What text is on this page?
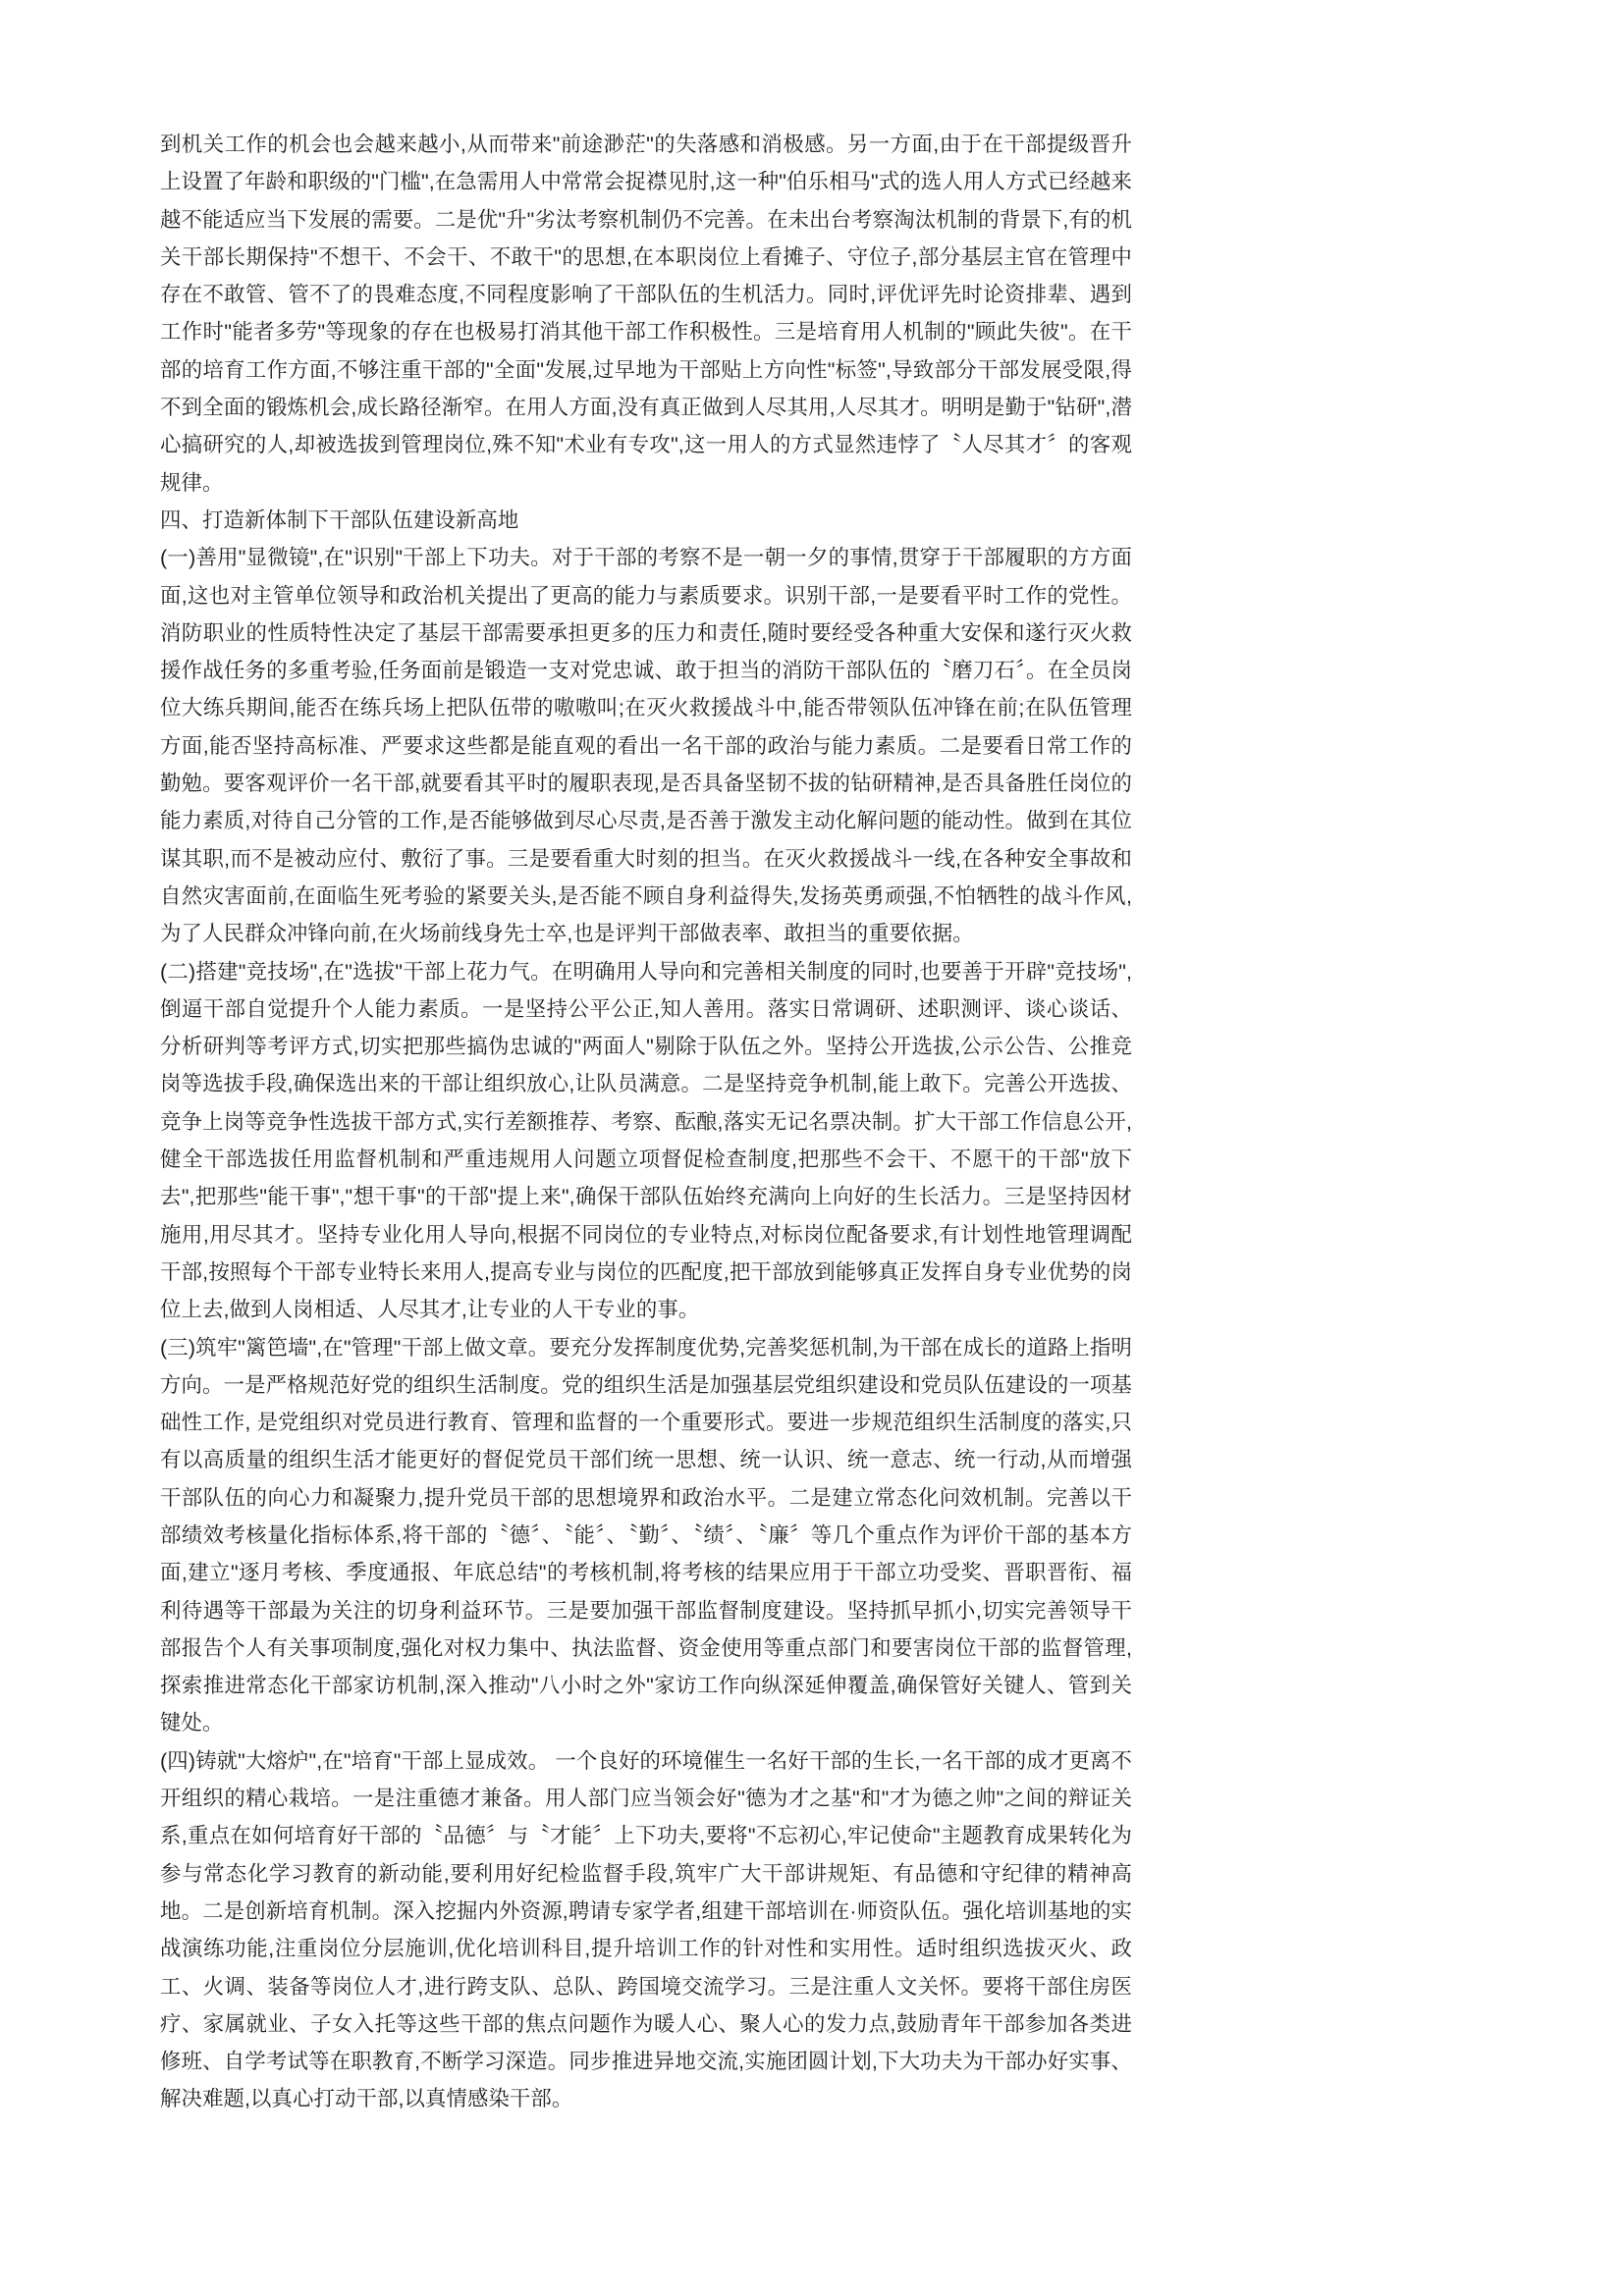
到机关工作的机会也会越来越小,从而带来"前途渺茫"的失落感和消极感。另一方面,由于在干部提级晋升上设置了年龄和职级的"门槛",在急需用人中常常会捉襟见肘,这一种"伯乐相马"式的选人用人方式已经越来越不能适应当下发展的需要。二是优"升"劣汰考察机制仍不完善。在未出台考察淘汰机制的背景下,有的机关干部长期保持"不想干、不会干、不敢干"的思想,在本职岗位上看摊子、守位子,部分基层主官在管理中存在不敢管、管不了的畏难态度,不同程度影响了干部队伍的生机活力。同时,评优评先时论资排辈、遇到工作时"能者多劳"等现象的存在也极易打消其他干部工作积极性。三是培育用人机制的"顾此失彼"。在干部的培育工作方面,不够注重干部的"全面"发展,过早地为干部贴上方向性"标签",导致部分干部发展受限,得不到全面的锻炼机会,成长路径渐窄。在用人方面,没有真正做到人尽其用,人尽其才。明明是勤于"钻研",潜心搞研究的人,却被选拔到管理岗位,殊不知"术业有专攻",这一用人的方式显然违悖了〝人尽其才〞的客观规律。

四、打造新体制下干部队伍建设新高地

(一)善用"显微镜",在"识别"干部上下功夫。对于干部的考察不是一朝一夕的事情,贯穿于干部履职的方方面面,这也对主管单位领导和政治机关提出了更高的能力与素质要求。识别干部,一是要看平时工作的党性。消防职业的性质特性决定了基层干部需要承担更多的压力和责任,随时要经受各种重大安保和遂行灭火救援作战任务的多重考验,任务面前是锻造一支对党忠诚、敢于担当的消防干部队伍的〝磨刀石〞。在全员岗位大练兵期间,能否在练兵场上把队伍带的嗷嗷叫;在灭火救援战斗中,能否带领队伍冲锋在前;在队伍管理方面,能否坚持高标准、严要求这些都是能直观的看出一名干部的政治与能力素质。二是要看日常工作的勤勉。要客观评价一名干部,就要看其平时的履职表现,是否具备坚韧不拔的钻研精神,是否具备胜任岗位的能力素质,对待自己分管的工作,是否能够做到尽心尽责,是否善于激发主动化解问题的能动性。做到在其位谋其职,而不是被动应付、敷衍了事。三是要看重大时刻的担当。在灭火救援战斗一线,在各种安全事故和自然灾害面前,在面临生死考验的紧要关头,是否能不顾自身利益得失,发扬英勇顽强,不怕牺牲的战斗作风,为了人民群众冲锋向前,在火场前线身先士卒,也是评判干部做表率、敢担当的重要依据。

(二)搭建"竞技场",在"选拔"干部上花力气。在明确用人导向和完善相关制度的同时,也要善于开辟"竞技场",倒逼干部自觉提升个人能力素质。一是坚持公平公正,知人善用。落实日常调研、述职测评、谈心谈话、分析研判等考评方式,切实把那些搞伪忠诚的"两面人"剔除于队伍之外。坚持公开选拔,公示公告、公推竞岗等选拔手段,确保选出来的干部让组织放心,让队员满意。二是坚持竞争机制,能上敢下。完善公开选拔、竞争上岗等竞争性选拔干部方式,实行差额推荐、考察、酝酿,落实无记名票决制。扩大干部工作信息公开,健全干部选拔任用监督机制和严重违规用人问题立项督促检查制度,把那些不会干、不愿干的干部"放下去",把那些"能干事","想干事"的干部"提上来",确保干部队伍始终充满向上向好的生长活力。三是坚持因材施用,用尽其才。坚持专业化用人导向,根据不同岗位的专业特点,对标岗位配备要求,有计划性地管理调配干部,按照每个干部专业特长来用人,提高专业与岗位的匹配度,把干部放到能够真正发挥自身专业优势的岗位上去,做到人岗相适、人尽其才,让专业的人干专业的事。

(三)筑牢"篱笆墙",在"管理"干部上做文章。要充分发挥制度优势,完善奖惩机制,为干部在成长的道路上指明方向。一是严格规范好党的组织生活制度。党的组织生活是加强基层党组织建设和党员队伍建设的一项基础性工作, 是党组织对党员进行教育、管理和监督的一个重要形式。要进一步规范组织生活制度的落实,只有以高质量的组织生活才能更好的督促党员干部们统一思想、统一认识、统一意志、统一行动,从而增强干部队伍的向心力和凝聚力,提升党员干部的思想境界和政治水平。二是建立常态化问效机制。完善以干部绩效考核量化指标体系,将干部的〝德〞、〝能〞、〝勤〞、〝绩〞、〝廉〞等几个重点作为评价干部的基本方面,建立"逐月考核、季度通报、年底总结"的考核机制,将考核的结果应用于干部立功受奖、晋职晋衔、福利待遇等干部最为关注的切身利益环节。三是要加强干部监督制度建设。坚持抓早抓小,切实完善领导干部报告个人有关事项制度,强化对权力集中、执法监督、资金使用等重点部门和要害岗位干部的监督管理,探索推进常态化干部家访机制,深入推动"八小时之外"家访工作向纵深延伸覆盖,确保管好关键人、管到关键处。

(四)铸就"大熔炉",在"培育"干部上显成效。 一个良好的环境催生一名好干部的生长,一名干部的成才更离不开组织的精心栽培。一是注重德才兼备。用人部门应当领会好"德为才之基"和"才为德之帅"之间的辩证关系,重点在如何培育好干部的〝品德〞与〝才能〞上下功夫,要将"不忘初心,牢记使命"主题教育成果转化为参与常态化学习教育的新动能,要利用好纪检监督手段,筑牢广大干部讲规矩、有品德和守纪律的精神高地。二是创新培育机制。深入挖掘内外资源,聘请专家学者,组建干部培训在·师资队伍。强化培训基地的实战演练功能,注重岗位分层施训,优化培训科目,提升培训工作的针对性和实用性。适时组织选拔灭火、政工、火调、装备等岗位人才,进行跨支队、总队、跨国境交流学习。三是注重人文关怀。要将干部住房医疗、家属就业、子女入托等这些干部的焦点问题作为暖人心、聚人心的发力点,鼓励青年干部参加各类进修班、自学考试等在职教育,不断学习深造。同步推进异地交流,实施团圆计划,下大功夫为干部办好实事、解决难题,以真心打动干部,以真情感染干部。
